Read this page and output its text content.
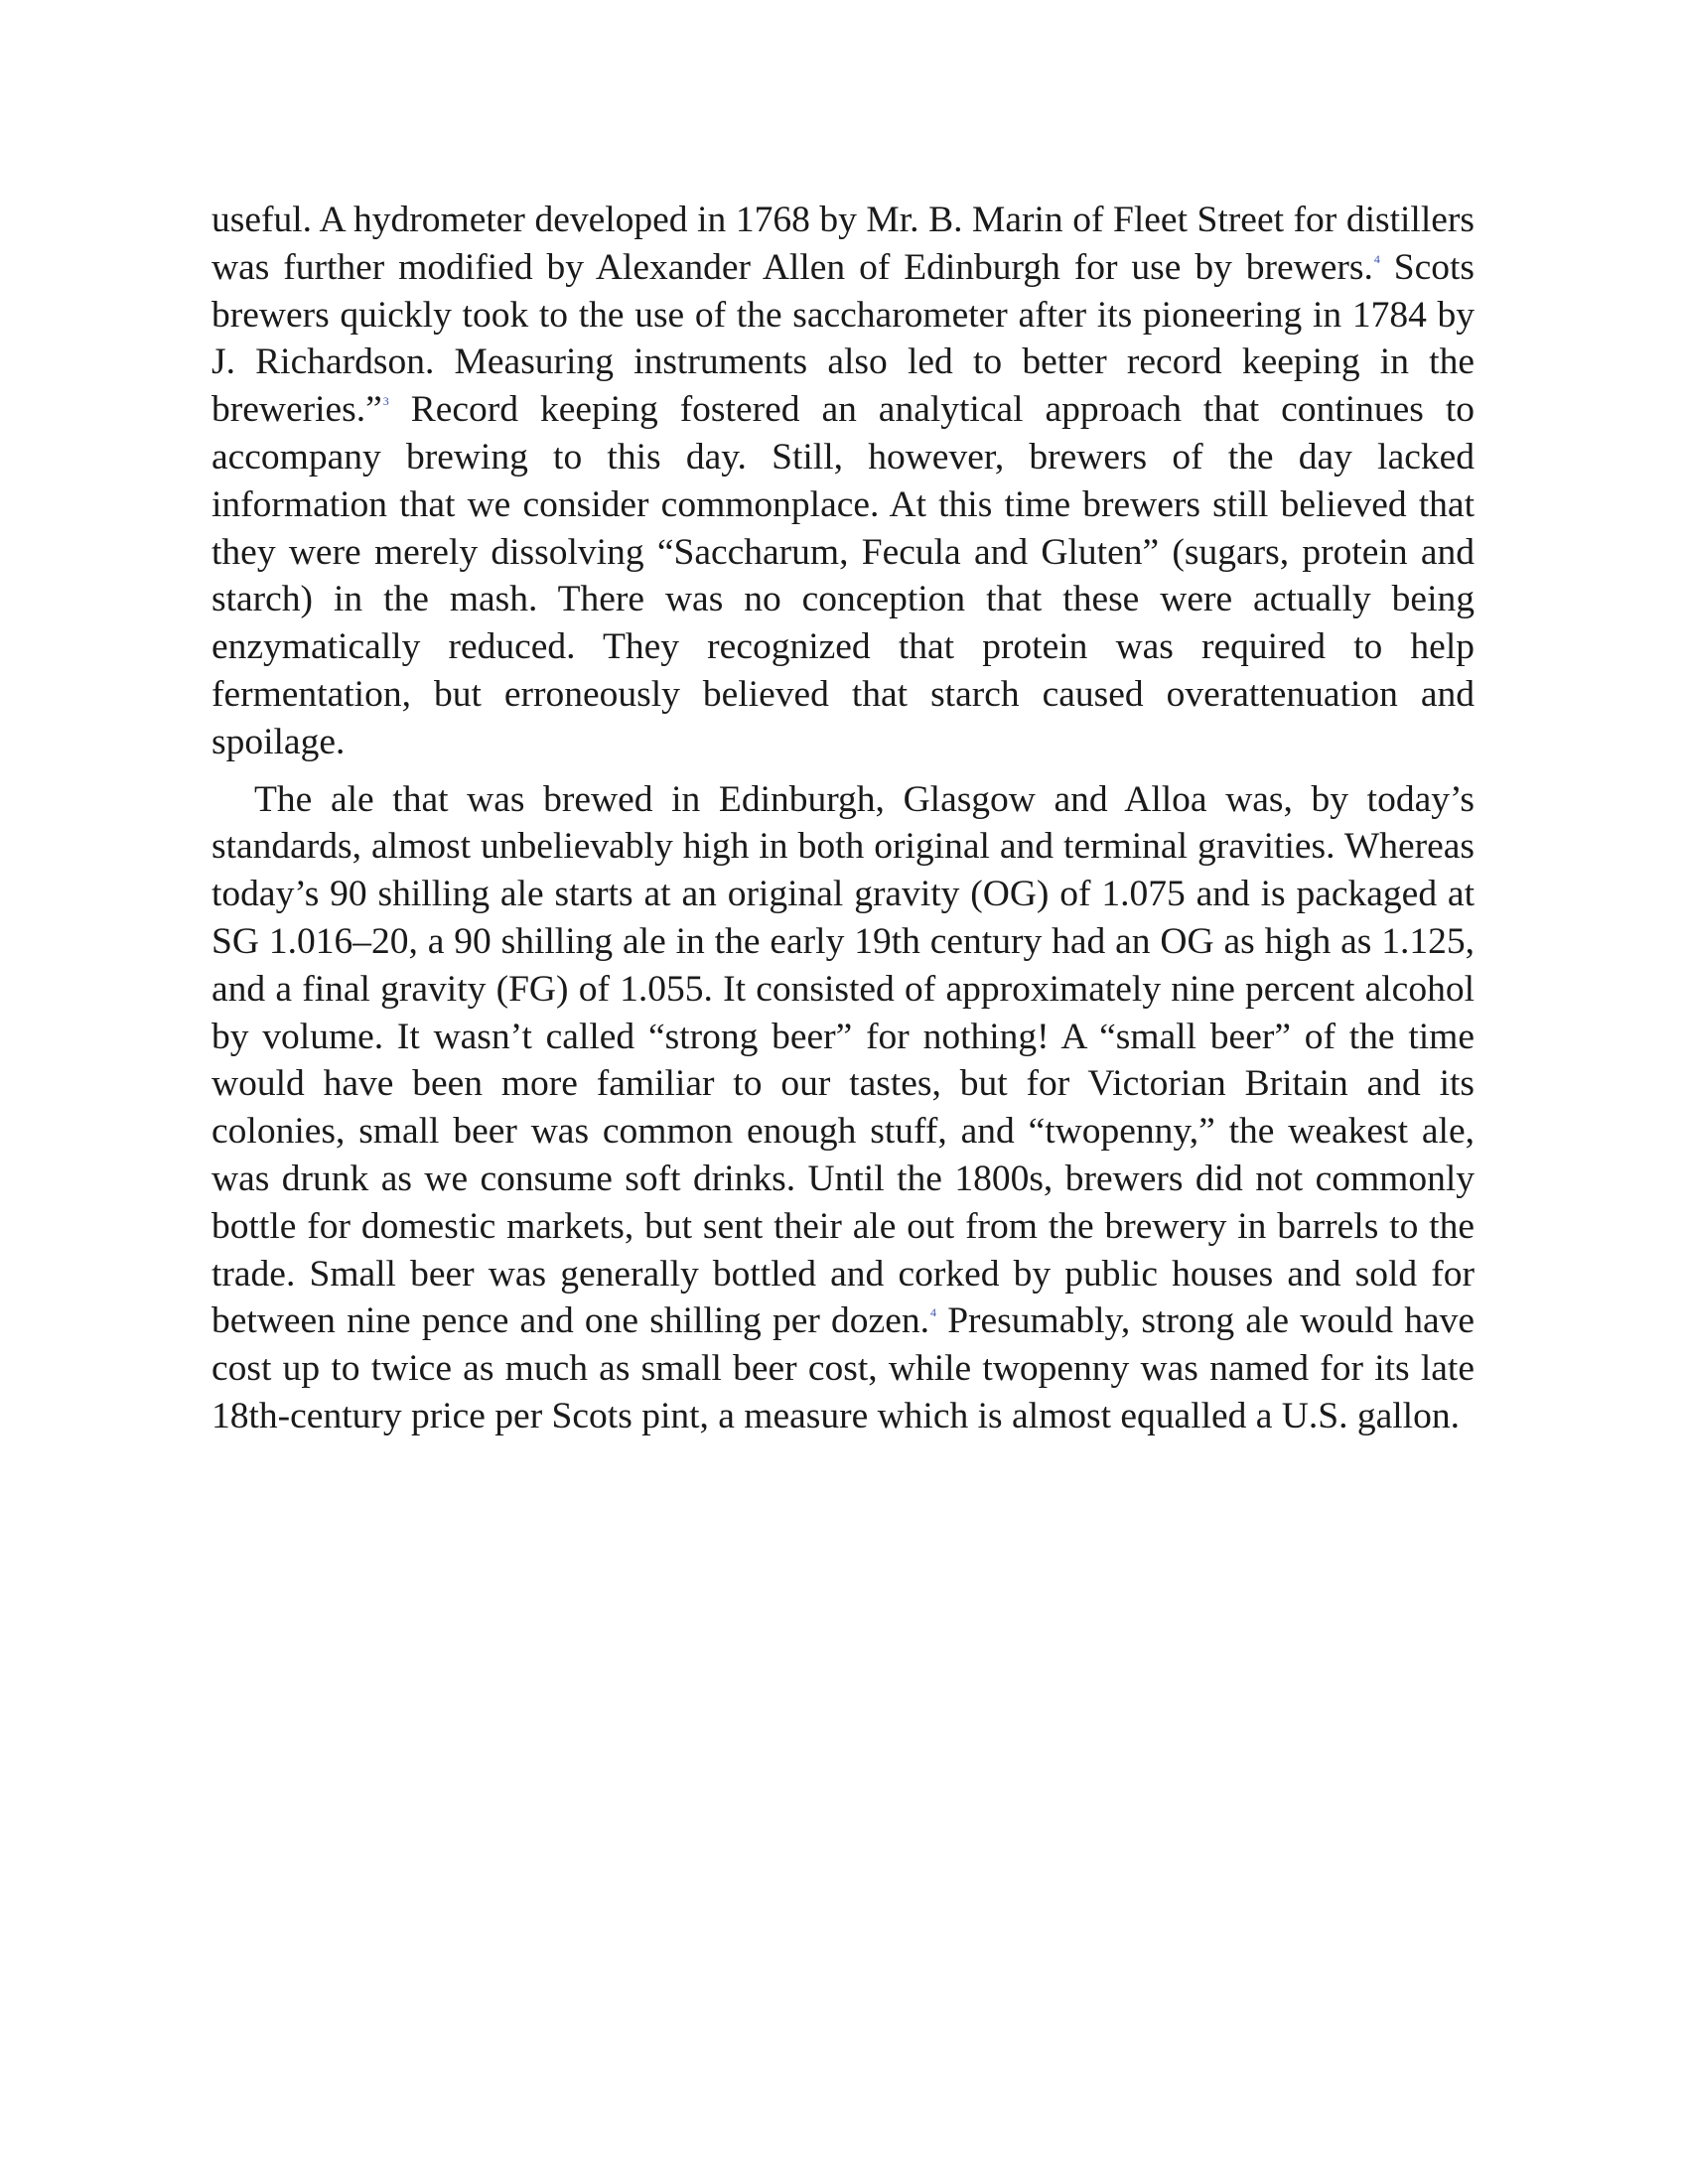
useful. A hydrometer developed in 1768 by Mr. B. Marin of Fleet Street for distillers was further modified by Alexander Allen of Edinburgh for use by brewers.$^4$ Scots brewers quickly took to the use of the saccharometer after its pioneering in 1784 by J. Richardson. Measuring instruments also led to better record keeping in the breweries.”$^3$ Record keeping fostered an analytical approach that continues to accompany brewing to this day. Still, however, brewers of the day lacked information that we consider commonplace. At this time brewers still believed that they were merely dissolving “Saccharum, Fecula and Gluten” (sugars, protein and starch) in the mash. There was no conception that these were actually being enzymatically reduced. They recognized that protein was required to help fermentation, but erroneously believed that starch caused overattenuation and spoilage.

The ale that was brewed in Edinburgh, Glasgow and Alloa was, by today’s standards, almost unbelievably high in both original and terminal gravities. Whereas today’s 90 shilling ale starts at an original gravity (OG) of 1.075 and is packaged at SG 1.016–20, a 90 shilling ale in the early 19th century had an OG as high as 1.125, and a final gravity (FG) of 1.055. It consisted of approximately nine percent alcohol by volume. It wasn’t called “strong beer” for nothing! A “small beer” of the time would have been more familiar to our tastes, but for Victorian Britain and its colonies, small beer was common enough stuff, and “twopenny,” the weakest ale, was drunk as we consume soft drinks. Until the 1800s, brewers did not commonly bottle for domestic markets, but sent their ale out from the brewery in barrels to the trade. Small beer was generally bottled and corked by public houses and sold for between nine pence and one shilling per dozen.$^4$ Presumably, strong ale would have cost up to twice as much as small beer cost, while twopenny was named for its late 18th-century price per Scots pint, a measure which is almost equalled a U.S. gallon.
